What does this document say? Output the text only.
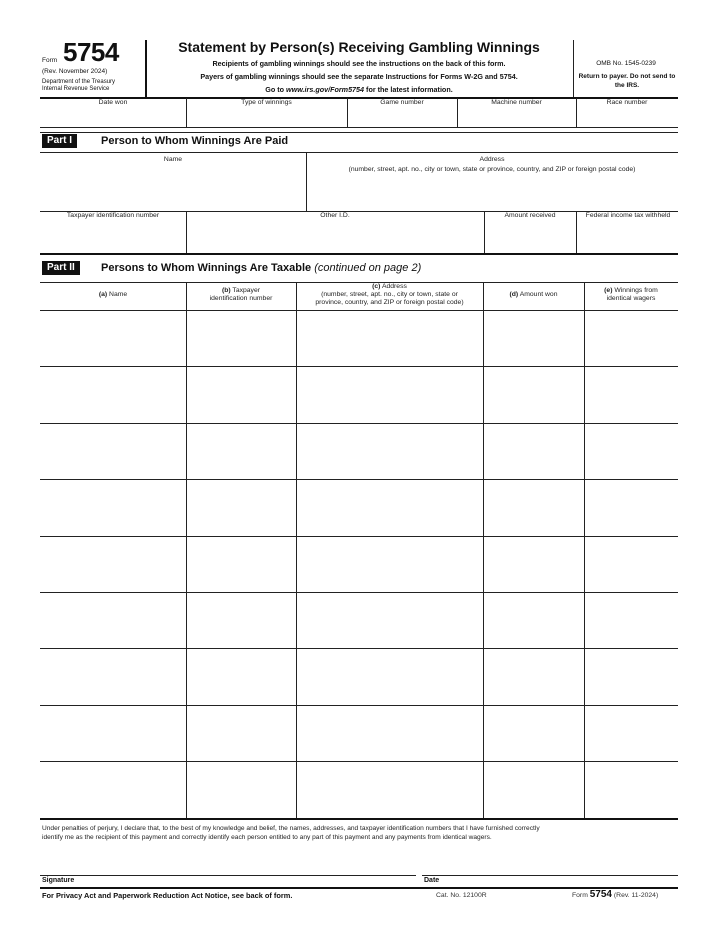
Form 5754
(Rev. November 2024)
Department of the Treasury
Internal Revenue Service
Statement by Person(s) Receiving Gambling Winnings
Recipients of gambling winnings should see the instructions on the back of this form.
Payers of gambling winnings should see the separate Instructions for Forms W-2G and 5754.
Go to www.irs.gov/Form5754 for the latest information.
OMB No. 1545-0239
Return to payer. Do not send to the IRS.
Date won	Type of winnings	Game number	Machine number	Race number
Part I	Person to Whom Winnings Are Paid
Name	Address
(number, street, apt. no., city or town, state or province, country, and ZIP or foreign postal code)
Taxpayer identification number	Other I.D.	Amount received	Federal income tax withheld
Part II	Persons to Whom Winnings Are Taxable (continued on page 2)
(a) Name
(b) Taxpayer
identification number
(c) Address
(number, street, apt. no., city or town, state or
province, country, and ZIP or foreign postal code)
(d) Amount won
(e) Winnings from
identical wagers
Under penalties of perjury, I declare that, to the best of my knowledge and belief, the names, addresses, and taxpayer identification numbers that I have furnished correctly
identify me as the recipient of this payment and correctly identify each person entitled to any part of this payment and any payments from identical wagers.
Signature	Date
For Privacy Act and Paperwork Reduction Act Notice, see back of form.	Cat. No. 12100R	Form 5754 (Rev. 11-2024)
